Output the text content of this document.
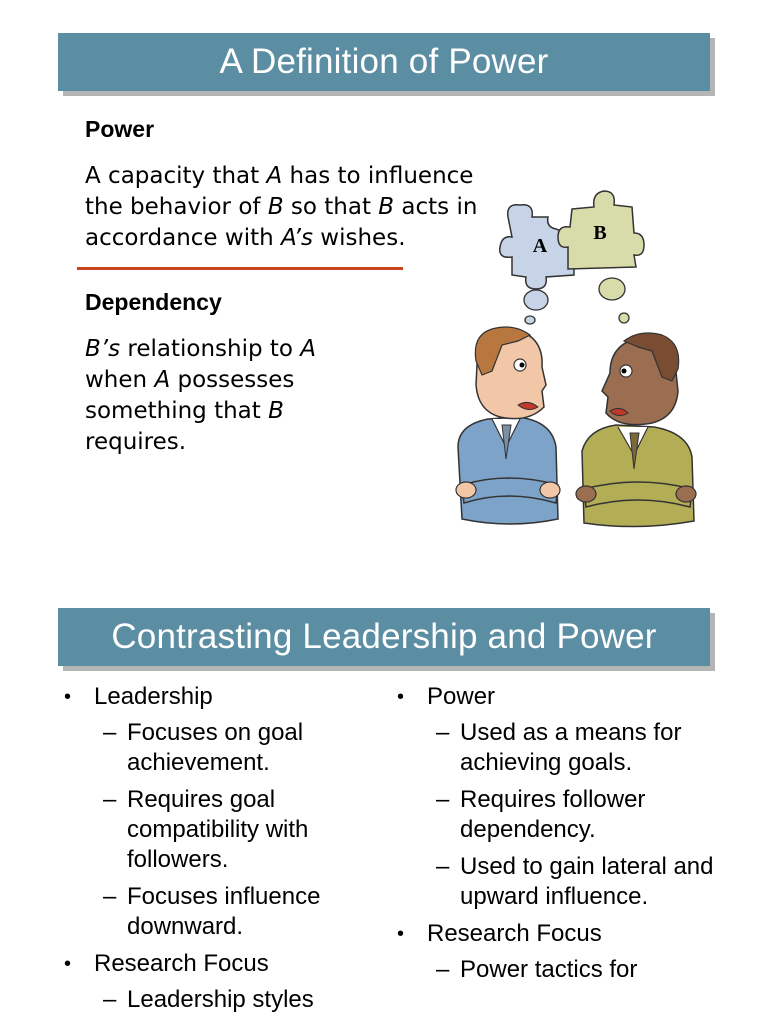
A Definition of Power
Power

A capacity that A has to influence the behavior of B so that B acts in accordance with A’s wishes.

Dependency

B’s relationship to A when A possesses something that B requires.

A
B
Contrasting Leadership and Power
• Leadership
– Focuses on goal achievement.
– Requires goal compatibility with followers.
– Focuses influence downward.
• Research Focus
– Leadership styles
• Power
– Used as a means for achieving goals.
– Requires follower dependency.
– Used to gain lateral and upward influence.
• Research Focus
– Power tactics for
